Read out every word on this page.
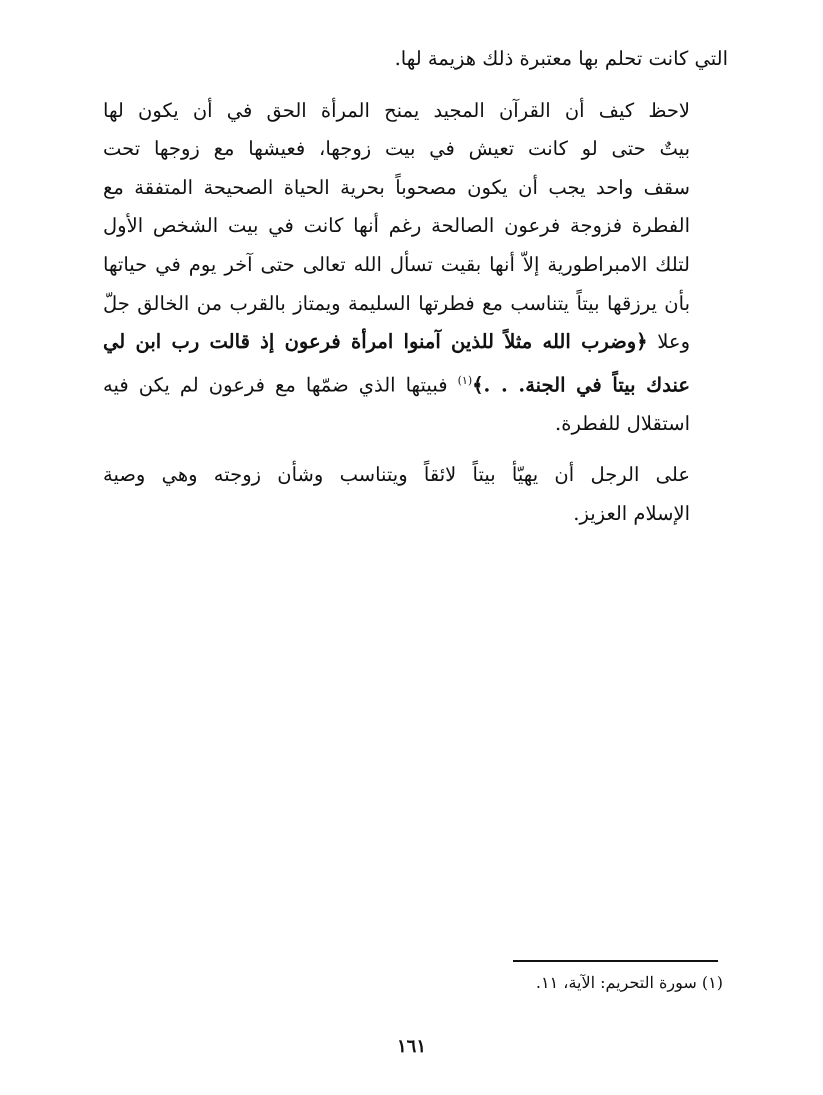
التي كانت تحلم بها معتبرة ذلك هزيمة لها.

لاحظ كيف أن القرآن المجيد يمنح المرأة الحق في أن يكون لها
بيتٌ حتى لو كانت تعيش في بيت زوجها، فعيشها مع زوجها تحت
سقف واحد يجب أن يكون مصحوباً بحرية الحياة الصحيحة المتفقة مع
الفطرة فزوجة فرعون الصالحة رغم أنها كانت في بيت الشخص الأول
لتلك الامبراطورية إلاّ أنها بقيت تسأل الله تعالى حتى آخر يوم في حياتها
بأن يرزقها بيتاً يتناسب مع فطرتها السليمة ويمتاز بالقرب من الخالق جلّ
وعلا ﴿وضرب الله مثلاً للذين آمنوا امرأة فرعون إذ قالت رب ابن لي
عندك بيتاً في الجنة. . .﴾$^{(١)}$ فبيتها الذي ضمّها مع فرعون لم يكن فيه
استقلال للفطرة.

على الرجل أن يهيّأ بيتاً لائقاً ويتناسب وشأن زوجته وهي وصية
الإسلام العزيز.

(١) سورة التحريم: الآية، ١١.
١٦١
